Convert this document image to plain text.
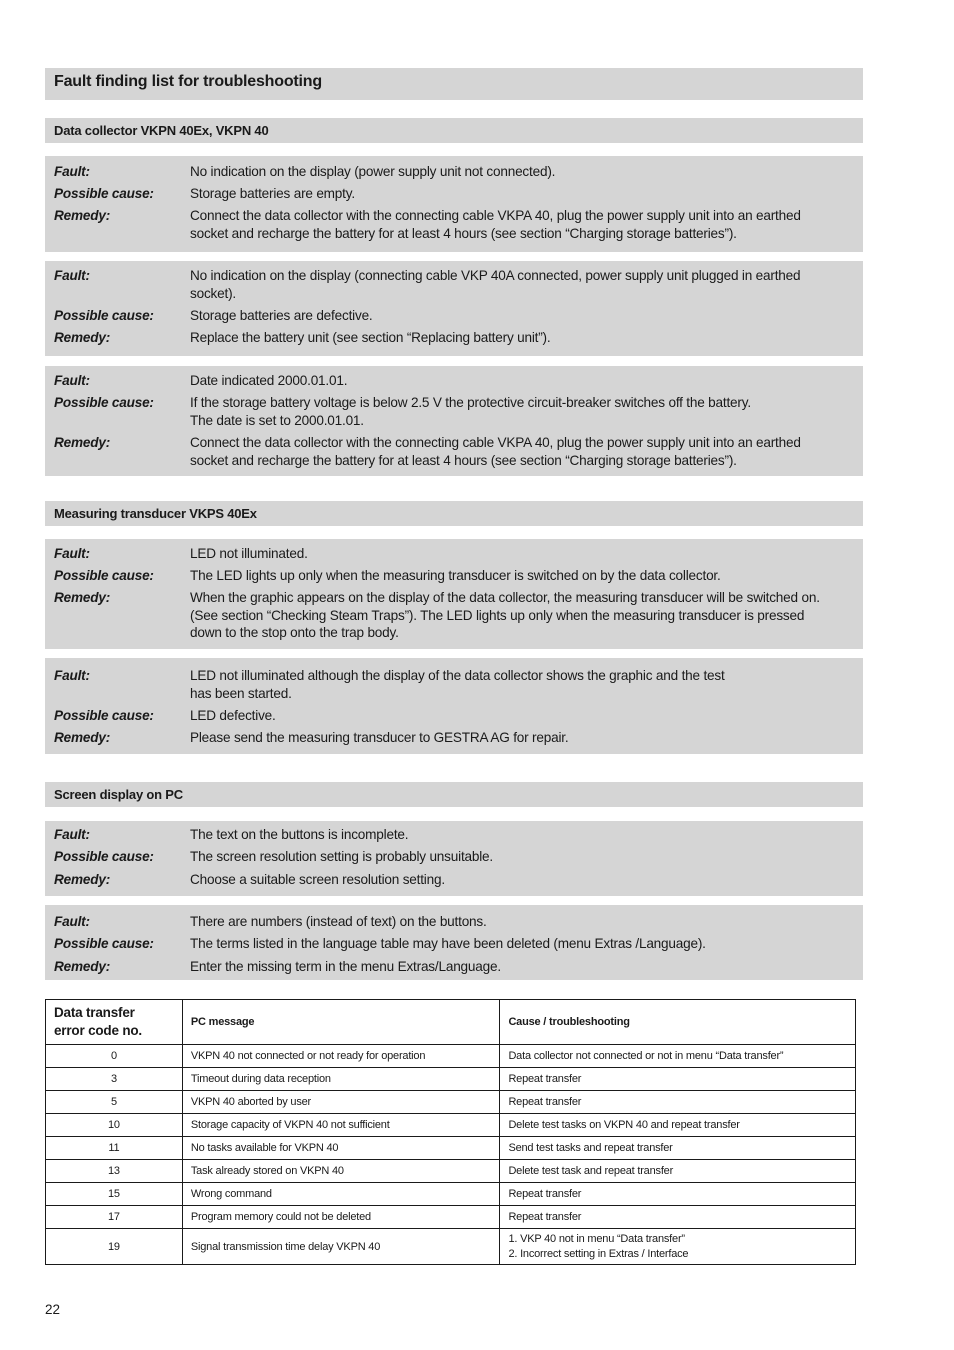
Fault finding list for troubleshooting
Data collector VKPN 40Ex, VKPN 40
Fault:	No indication on the display (power supply unit not connected).
Possible cause:	Storage batteries are empty.
Remedy:	Connect the data collector with the connecting cable VKPA 40, plug the power supply unit into an earthed
socket and recharge the battery for at least 4 hours (see section “Charging storage batteries”).
Fault:	No indication on the display (connecting cable VKP 40A connected, power supply unit plugged in earthed
socket).
Possible cause:	Storage batteries are defective.
Remedy:	Replace the battery unit (see section “Replacing battery unit”).
Fault:	Date indicated 2000.01.01.
Possible cause:	If the storage battery voltage is below 2.5 V the protective circuit-breaker switches off the battery.
The date is set to 2000.01.01.
Remedy:	Connect the data collector with the connecting cable VKPA 40, plug the power supply unit into an earthed
socket and recharge the battery for at least 4 hours (see section “Charging storage batteries”).
Measuring transducer VKPS 40Ex
Fault:	LED not illuminated.
Possible cause:	The LED lights up only when the measuring transducer is switched on by the data collector.
Remedy:	When the graphic appears on the display of the data collector, the measuring transducer will be switched on.
(See section “Checking Steam Traps”). The LED lights up only when the measuring transducer is pressed
down to the stop onto the trap body.
Fault:	LED not illuminated although the display of the data collector shows the graphic and the test
has been started.
Possible cause:	LED defective.
Remedy:	Please send the measuring transducer to GESTRA AG for repair.
Screen display on PC
Fault:	The text on the buttons is incomplete.
Possible cause:	The screen resolution setting is probably unsuitable.
Remedy:	Choose a suitable screen resolution setting.
Fault:	There are numbers (instead of text) on the buttons.
Possible cause:	The terms listed in the language table may have been deleted (menu Extras /Language).
Remedy:	Enter the missing term in the menu Extras/Language.
Data transfer
error code no.	PC message	Cause / troubleshooting
0	VKPN 40 not connected or not ready for operation	Data collector not connected or not in menu “Data transfer”
3	Timeout during data reception	Repeat transfer
5	VKPN 40 aborted by user	Repeat transfer
10	Storage capacity of VKPN 40 not sufficient	Delete test tasks on VKPN 40 and repeat transfer
11	No tasks available for VKPN 40	Send test tasks and repeat transfer
13	Task already stored on VKPN 40	Delete test task and repeat transfer
15	Wrong command	Repeat transfer
17	Program memory could not be deleted	Repeat transfer
19	Signal transmission time delay VKPN 40	1. VKP 40 not in menu “Data transfer”
2. Incorrect setting in Extras / Interface
22
